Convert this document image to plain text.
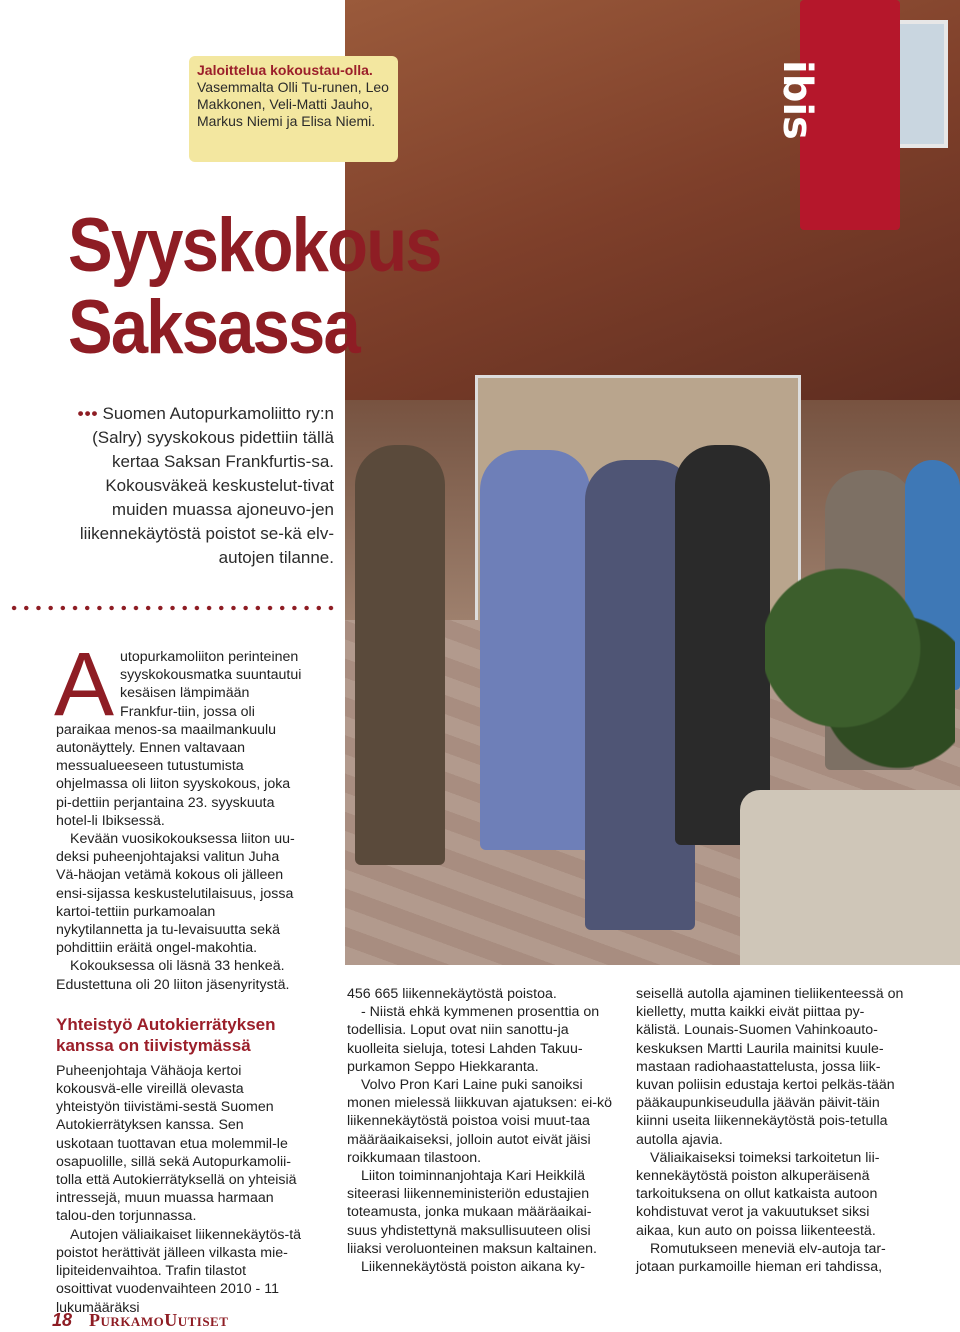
ibis
Jaloittelua kokoustau-olla. Vasemmalta Olli Tu-runen, Leo Makkonen, Veli-Matti Jauho, Markus Niemi ja Elisa Niemi.
Syyskokous
Saksassa
••• Suomen Autopurkamoliitto ry:n (Salry) syyskokous pidettiin tällä kertaa Saksan Frankfurtis-sa. Kokousväkeä keskustelut-tivat muiden muassa ajoneuvo-jen liikennekäytöstä poistot se-kä elv-autojen tilanne.

Autopurkamoliiton perinteinen syyskokousmatka suuntautui kesäisen lämpimään Frankfur-tiin, jossa oli paraikaa menos-sa maailmankuulu autonäyttely. Ennen valtavaan messualueeseen tutustumista ohjelmassa oli liiton syyskokous, joka pi-dettiin perjantaina 23. syyskuuta hotel-li Ibiksessä.

Kevään vuosikokouksessa liiton uu-deksi puheenjohtajaksi valitun Juha Vä-häojan vetämä kokous oli jälleen ensi-sijassa keskustelutilaisuus, jossa kartoi-tettiin purkamoalan nykytilannetta ja tu-levaisuutta sekä pohdittiin eräitä ongel-makohtia.

Kokouksessa oli läsnä 33 henkeä. Edustettuna oli 20 liiton jäsenyritystä.

Yhteistyö Autokierrätyksen kanssa on tiivistymässä

Puheenjohtaja Vähäoja kertoi kokousvä-elle vireillä olevasta yhteistyön tiivistämi-sestä Suomen Autokierrätyksen kanssa. Sen uskotaan tuottavan etua molemmil-le osapuolille, sillä sekä Autopurkamolii-tolla että Autokierrätyksellä on yhteisiä intressejä, muun muassa harmaan talou-den torjunnassa.

Autojen väliaikaiset liikennekäytös-tä poistot herättivät jälleen vilkasta mie-lipiteidenvaihtoa. Trafin tilastot osoittivat vuodenvaihteen 2010 - 11 lukumääräksi

456 665 liikennekäytöstä poistoa.

- Niistä ehkä kymmenen prosenttia on todellisia. Loput ovat niin sanottu-ja kuolleita sieluja, totesi Lahden Takuu-purkamon Seppo Hiekkaranta.

Volvo Pron Kari Laine puki sanoiksi monen mielessä liikkuvan ajatuksen: ei-kö liikennekäytöstä poistoa voisi muut-taa määräaikaiseksi, jolloin autot eivät jäisi roikkumaan tilastoon.

Liiton toiminnanjohtaja Kari Heikkilä siteerasi liikenneministeriön edustajien toteamusta, jonka mukaan määräaikai-suus yhdistettynä maksullisuuteen olisi liiaksi veroluonteinen maksun kaltainen.

Liikennekäytöstä poiston aikana ky-

seisellä autolla ajaminen tieliikenteessä on kielletty, mutta kaikki eivät piittaa py-kälistä. Lounais-Suomen Vahinkoauto-keskuksen Martti Laurila mainitsi kuule-mastaan radiohaastattelusta, jossa liik-kuvan poliisin edustaja kertoi pelkäs-tään pääkaupunkiseudulla jäävän päivit-täin kiinni useita liikennekäytöstä pois-tetulla autolla ajavia.

Väliaikaiseksi toimeksi tarkoitetun lii-kennekäytöstä poiston alkuperäisenä tarkoituksena on ollut katkaista autoon kohdistuvat verot ja vakuutukset siksi aikaa, kun auto on poissa liikenteestä.

Romutukseen meneviä elv-autoja tar-jotaan purkamoille hieman eri tahdissa,

18 PurkamoUutiset
